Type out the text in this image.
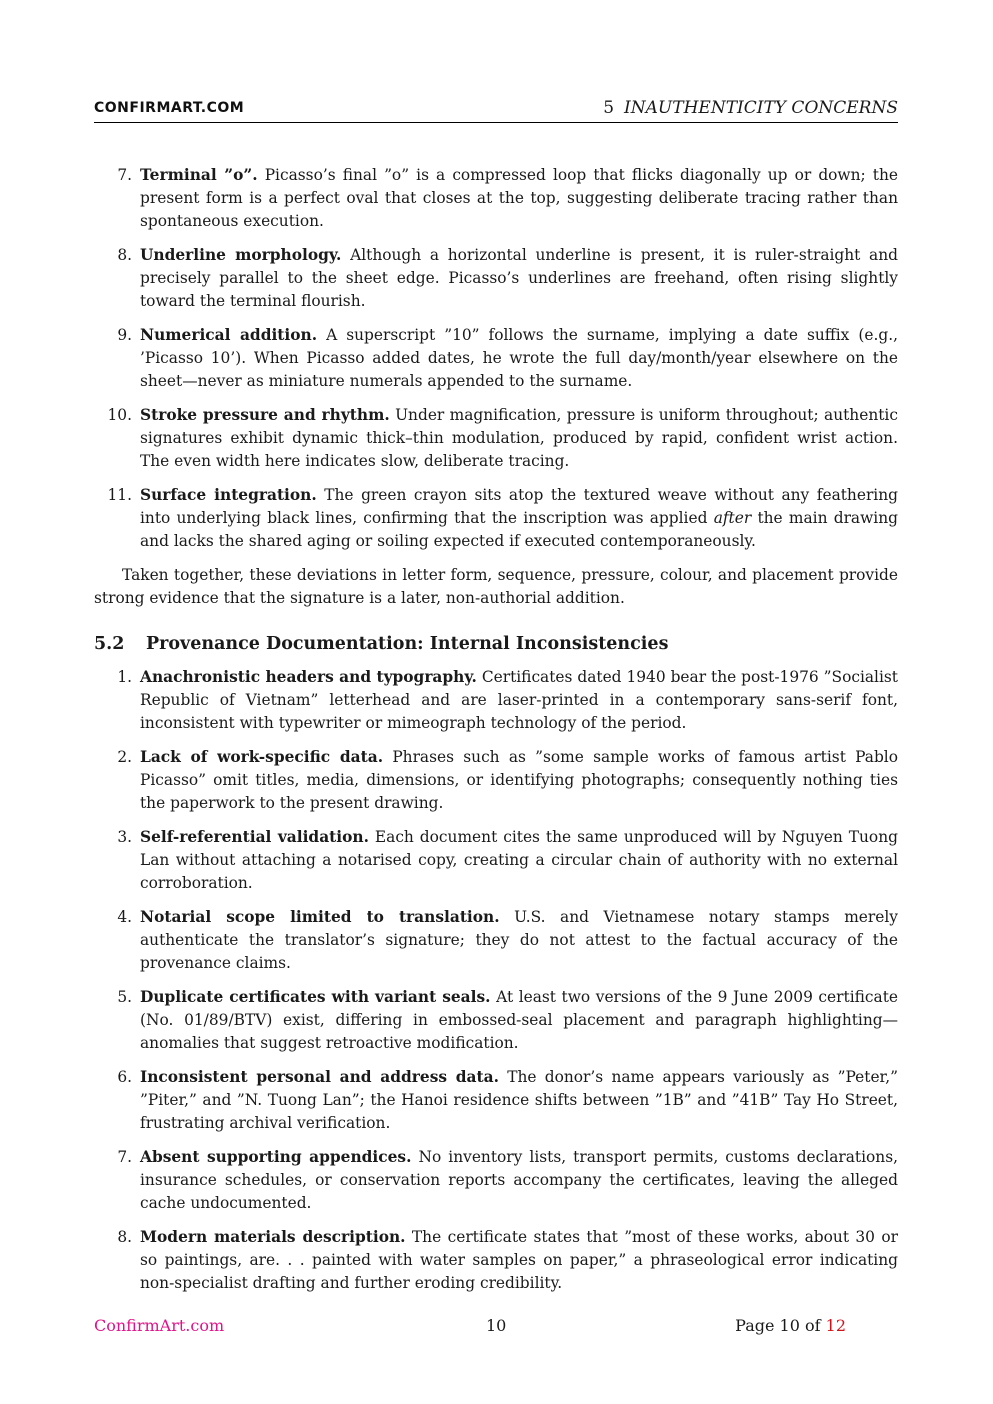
CONFIRMART.COM	5 INAUTHENTICITY CONCERNS
7. Terminal ”o”. Picasso’s final ”o” is a compressed loop that flicks diagonally up or down; the present form is a perfect oval that closes at the top, suggesting deliberate tracing rather than spontaneous execution.
8. Underline morphology. Although a horizontal underline is present, it is ruler-straight and precisely parallel to the sheet edge. Picasso’s underlines are freehand, often rising slightly toward the terminal flourish.
9. Numerical addition. A superscript ”10” follows the surname, implying a date suffix (e.g., ’Picasso 10’). When Picasso added dates, he wrote the full day/month/year elsewhere on the sheet—never as miniature numerals appended to the surname.
10. Stroke pressure and rhythm. Under magnification, pressure is uniform throughout; authentic signatures exhibit dynamic thick–thin modulation, produced by rapid, confident wrist action. The even width here indicates slow, deliberate tracing.
11. Surface integration. The green crayon sits atop the textured weave without any feathering into underlying black lines, confirming that the inscription was applied after the main drawing and lacks the shared aging or soiling expected if executed contemporaneously.

Taken together, these deviations in letter form, sequence, pressure, colour, and placement provide strong evidence that the signature is a later, non-authorial addition.

5.2 Provenance Documentation: Internal Inconsistencies
1. Anachronistic headers and typography. Certificates dated 1940 bear the post-1976 ”Socialist Republic of Vietnam” letterhead and are laser-printed in a contemporary sans-serif font, inconsistent with typewriter or mimeograph technology of the period.
2. Lack of work-specific data. Phrases such as ”some sample works of famous artist Pablo Picasso” omit titles, media, dimensions, or identifying photographs; consequently nothing ties the paperwork to the present drawing.
3. Self-referential validation. Each document cites the same unproduced will by Nguyen Tuong Lan without attaching a notarised copy, creating a circular chain of authority with no external corroboration.
4. Notarial scope limited to translation. U.S. and Vietnamese notary stamps merely authenticate the translator’s signature; they do not attest to the factual accuracy of the provenance claims.
5. Duplicate certificates with variant seals. At least two versions of the 9 June 2009 certificate (No. 01/89/BTV) exist, differing in embossed-seal placement and paragraph highlighting—anomalies that suggest retroactive modification.
6. Inconsistent personal and address data. The donor’s name appears variously as ”Peter,” ”Piter,” and ”N. Tuong Lan”; the Hanoi residence shifts between ”1B” and ”41B” Tay Ho Street, frustrating archival verification.
7. Absent supporting appendices. No inventory lists, transport permits, customs declarations, insurance schedules, or conservation reports accompany the certificates, leaving the alleged cache undocumented.
8. Modern materials description. The certificate states that ”most of these works, about 30 or so paintings, are. . . painted with water samples on paper,” a phraseological error indicating non-specialist drafting and further eroding credibility.
ConfirmArt.com	10	Page 10 of 12
